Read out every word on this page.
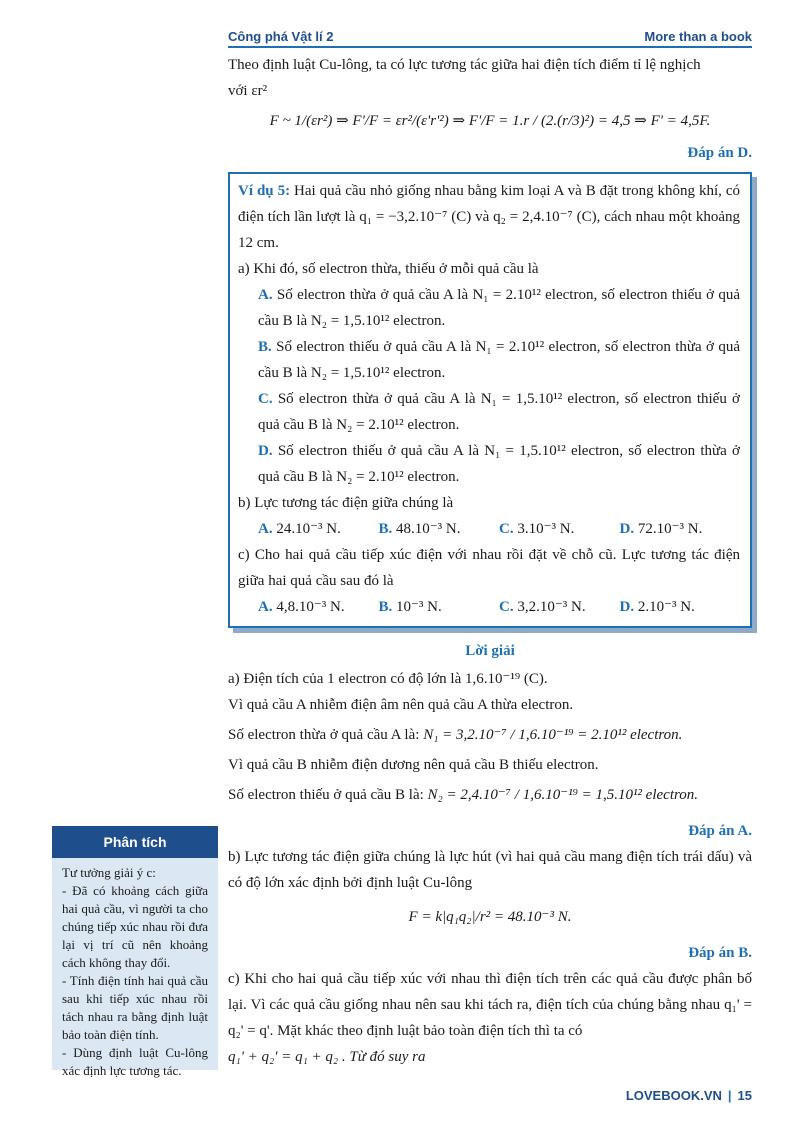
Công phá Vật lí 2	More than a book

Theo định luật Cu-lông, ta có lực tương tác giữa hai điện tích điểm tỉ lệ nghịch

với εr²

F ~ 1/(εr²) ⇒ F'/F = εr²/(ε'r'²) ⇒ F'/F = 1.r / (2.(r/3)²) = 4,5 ⇒ F' = 4,5F.

Đáp án D.

Ví dụ 5: Hai quả cầu nhỏ giống nhau bằng kim loại A và B đặt trong không khí, có điện tích lần lượt là q₁ = −3,2.10⁻⁷ (C) và q₂ = 2,4.10⁻⁷ (C), cách nhau một khoảng 12 cm.

a) Khi đó, số electron thừa, thiếu ở mỗi quả cầu là

A. Số electron thừa ở quả cầu A là N₁ = 2.10¹² electron, số electron thiếu ở quả cầu B là N₂ = 1,5.10¹² electron.

B. Số electron thiếu ở quả cầu A là N₁ = 2.10¹² electron, số electron thừa ở quả cầu B là N₂ = 1,5.10¹² electron.

C. Số electron thừa ở quả cầu A là N₁ = 1,5.10¹² electron, số electron thiếu ở quả cầu B là N₂ = 2.10¹² electron.

D. Số electron thiếu ở quả cầu A là N₁ = 1,5.10¹² electron, số electron thừa ở quả cầu B là N₂ = 2.10¹² electron.

b) Lực tương tác điện giữa chúng là

A. 24.10⁻³ N.	B. 48.10⁻³ N.	C. 3.10⁻³ N.	D. 72.10⁻³ N.

c) Cho hai quả cầu tiếp xúc điện với nhau rồi đặt về chỗ cũ. Lực tương tác điện giữa hai quả cầu sau đó là

A. 4,8.10⁻³ N.	B. 10⁻³ N.	C. 3,2.10⁻³ N.	D. 2.10⁻³ N.

Lời giải

a) Điện tích của 1 electron có độ lớn là 1,6.10⁻¹⁹ (C).

Vì quả cầu A nhiễm điện âm nên quả cầu A thừa electron.

Số electron thừa ở quả cầu A là: N₁ = 3,2.10⁻⁷ / 1,6.10⁻¹⁹ = 2.10¹² electron.

Vì quả cầu B nhiễm điện dương nên quả cầu B thiếu electron.

Số electron thiếu ở quả cầu B là: N₂ = 2,4.10⁻⁷ / 1,6.10⁻¹⁹ = 1,5.10¹² electron.

Đáp án A.

b) Lực tương tác điện giữa chúng là lực hút (vì hai quả cầu mang điện tích trái dấu) và có độ lớn xác định bởi định luật Cu-lông

F = k|q₁q₂|/r² = 48.10⁻³ N.

Đáp án B.

c) Khi cho hai quả cầu tiếp xúc với nhau thì điện tích trên các quả cầu được phân bố lại. Vì các quả cầu giống nhau nên sau khi tách ra, điện tích của chúng bằng nhau q₁' = q₂' = q'. Mặt khác theo định luật bảo toàn điện tích thì ta có

q₁' + q₂' = q₁ + q₂ . Từ đó suy ra

Phân tích
Tư tưởng giải ý c:
- Đã có khoảng cách giữa hai quả cầu, vì người ta cho chúng tiếp xúc nhau rồi đưa lại vị trí cũ nên khoảng cách không thay đổi.
- Tính điện tính hai quả cầu sau khi tiếp xúc nhau rồi tách nhau ra bằng định luật bảo toàn điện tính.
- Dùng định luật Cu-lông xác định lực tương tác.
LOVEBOOK.VN | 15
